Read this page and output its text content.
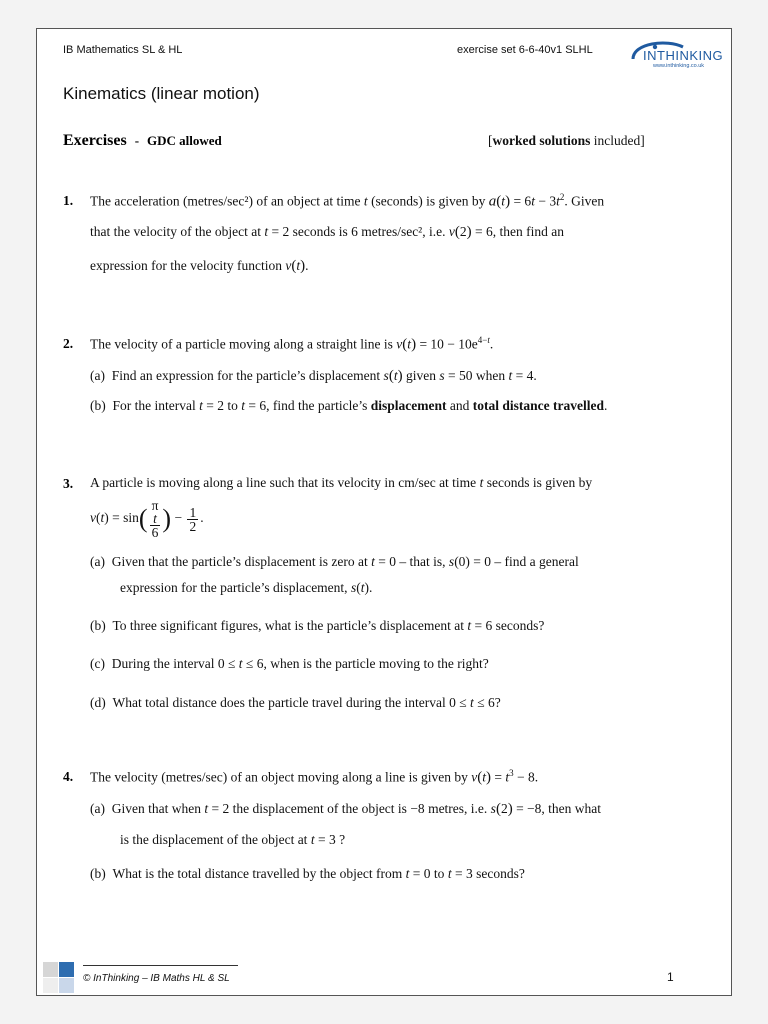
IB Mathematics SL & HL	exercise set 6-6-40v1 SLHL	INTHINKING
www.inthinking.co.uk
Kinematics (linear motion)
Exercises - GDC allowed	[worked solutions included]
1. The acceleration (metres/sec²) of an object at time t (seconds) is given by $a(t) = 6t - 3t^2$. Given
that the velocity of the object at t = 2 seconds is 6 metres/sec², i.e. v(2) = 6, then find an
expression for the velocity function v(t).
2. The velocity of a particle moving along a straight line is $v(t) = 10 - 10e^{4-t}$.
(a) Find an expression for the particle’s displacement s(t) given s = 50 when t = 4.
(b) For the interval t = 2 to t = 6, find the particle’s displacement and total distance travelled.
3. A particle is moving along a line such that its velocity in cm/sec at time t seconds is given by
v(t) = sin( π
t
6 ) − $\frac{1}{2}$ .
(a) Given that the particle’s displacement is zero at t = 0 – that is, s(0) = 0 – find a general
expression for the particle’s displacement, s(t).
(b) To three significant figures, what is the particle’s displacement at t = 6 seconds?
(c) During the interval 0 ≤ t ≤ 6, when is the particle moving to the right?
(d) What total distance does the particle travel during the interval 0 ≤ t ≤ 6?
4. The velocity (metres/sec) of an object moving along a line is given by $v(t) = t^3 - 8$.
(a) Given that when t = 2 the displacement of the object is −8 metres, i.e. s(2) = −8, then what
is the displacement of the object at t = 3 ?
(b) What is the total distance travelled by the object from t = 0 to t = 3 seconds?
© InThinking – IB Maths HL & SL	1
